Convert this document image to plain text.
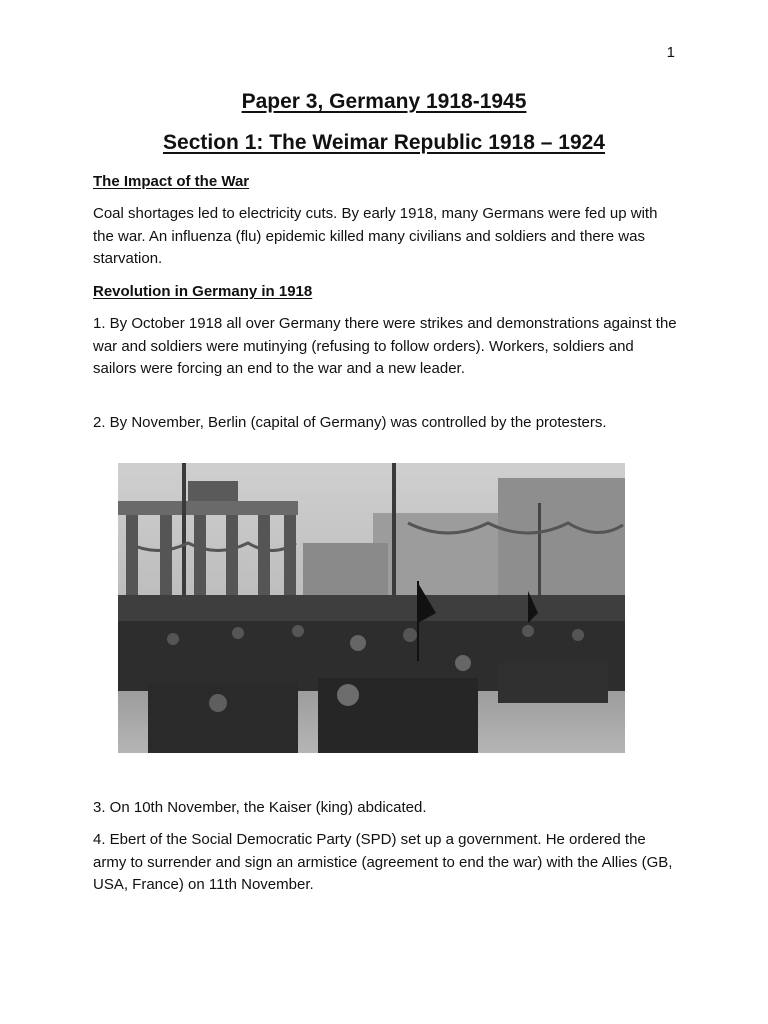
1
Paper 3, Germany 1918-1945
Section 1: The Weimar Republic 1918 – 1924
The Impact of the War

Coal shortages led to electricity cuts. By early 1918, many Germans were fed up with the war. An influenza (flu) epidemic killed many civilians and soldiers and there was starvation.

Revolution in Germany in 1918

1. By October 1918 all over Germany there were strikes and demonstrations against the war and soldiers were mutinying (refusing to follow orders). Workers, soldiers and sailors were forcing an end to the war and a new leader.

2. By November, Berlin (capital of Germany) was controlled by the protesters.

3. On 10th November, the Kaiser (king) abdicated.

4. Ebert of the Social Democratic Party (SPD) set up a government. He ordered the army to surrender and sign an armistice (agreement to end the war) with the Allies (GB, USA, France) on 11th November.
